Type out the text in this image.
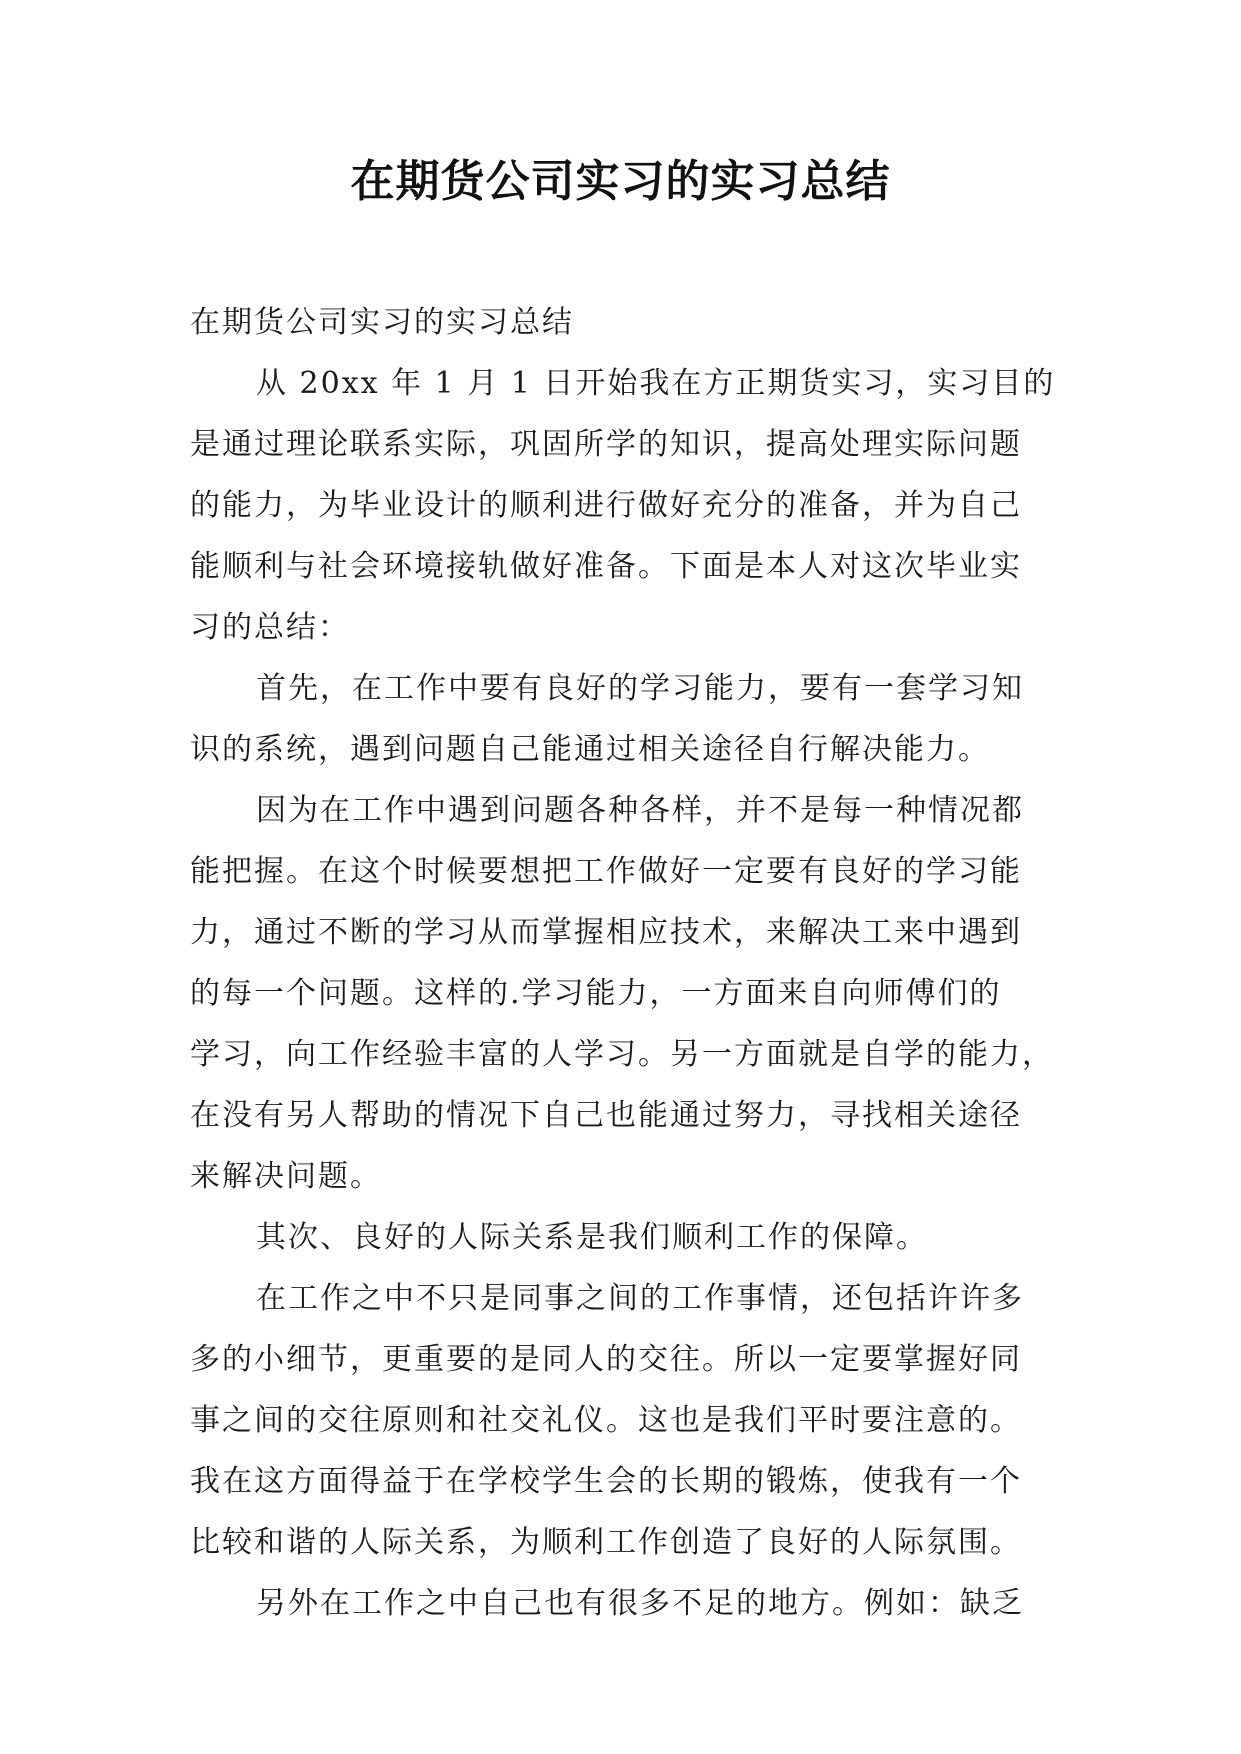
在期货公司实习的实习总结
在期货公司实习的实习总结
从 20xx 年 1 月 1 日开始我在方正期货实习，实习目的
是通过理论联系实际，巩固所学的知识，提高处理实际问题
的能力，为毕业设计的顺利进行做好充分的准备，并为自己
能顺利与社会环境接轨做好准备。下面是本人对这次毕业实
习的总结：
首先，在工作中要有良好的学习能力，要有一套学习知
识的系统，遇到问题自己能通过相关途径自行解决能力。
因为在工作中遇到问题各种各样，并不是每一种情况都
能把握。在这个时候要想把工作做好一定要有良好的学习能
力，通过不断的学习从而掌握相应技术，来解决工来中遇到
的每一个问题。这样的.学习能力，一方面来自向师傅们的
学习，向工作经验丰富的人学习。另一方面就是自学的能力，
在没有另人帮助的情况下自己也能通过努力，寻找相关途径
来解决问题。
其次、良好的人际关系是我们顺利工作的保障。
在工作之中不只是同事之间的工作事情，还包括许许多
多的小细节，更重要的是同人的交往。所以一定要掌握好同
事之间的交往原则和社交礼仪。这也是我们平时要注意的。
我在这方面得益于在学校学生会的长期的锻炼，使我有一个
比较和谐的人际关系，为顺利工作创造了良好的人际氛围。
另外在工作之中自己也有很多不足的地方。例如：缺乏
